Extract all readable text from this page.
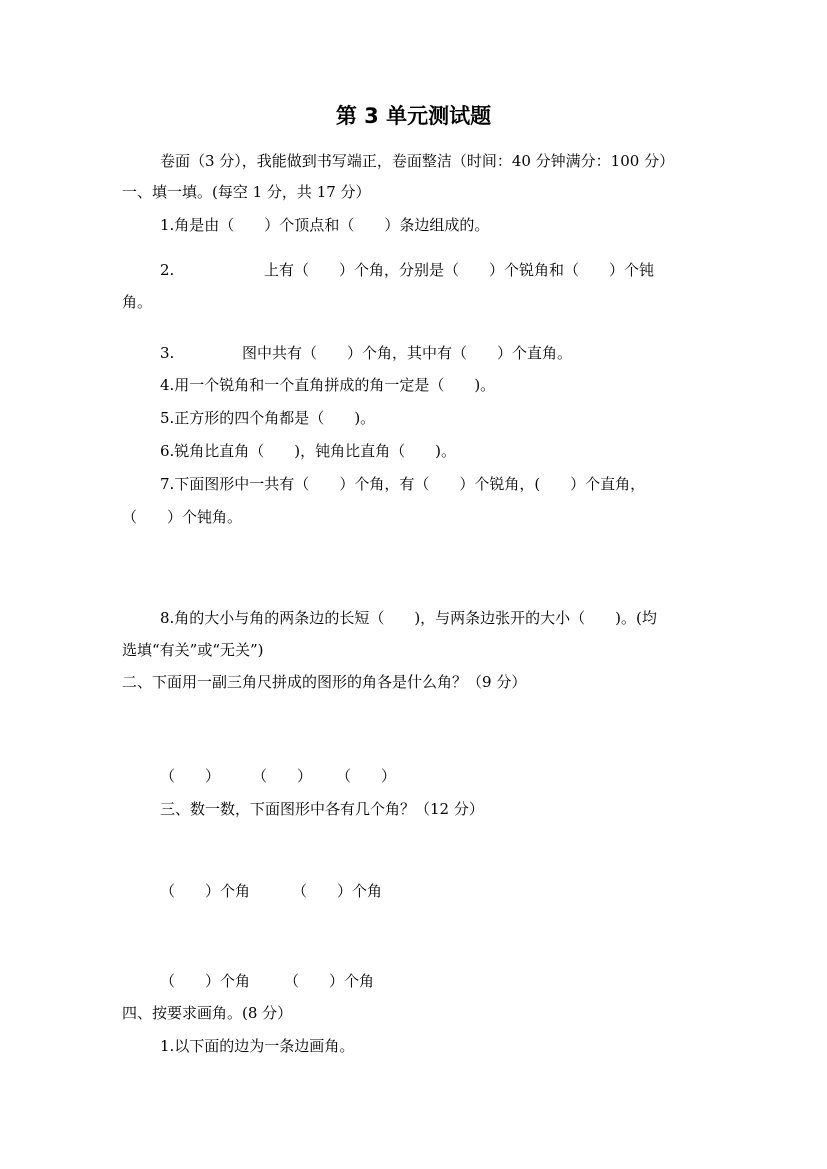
第 3 单元测试题
卷面（3 分），我能做到书写端正，卷面整洁（时间：40 分钟满分：100 分）
一、填一填。(每空 1 分，共 17 分）
1.角是由（　　）个顶点和（　　）条边组成的。
2.	上有（　　）个角，分别是（　　）个锐角和（　　）个钝
角。
3.	图中共有（　　）个角，其中有（　　）个直角。
4.用一个锐角和一个直角拼成的角一定是（　　)。
5.正方形的四个角都是（　　)。
6.锐角比直角（　　)，钝角比直角（　　)。
7.下面图形中一共有（　　）个角，有（　　）个锐角，(　　）个直角，
（　　）个钝角。
8.角的大小与角的两条边的长短（　　)，与两条边张开的大小（　　)。(均
选填“有关”或“无关”)
二、下面用一副三角尺拼成的图形的角各是什么角？（9 分）
（　　） （　　） （　　）
三、数一数，下面图形中各有几个角？（12 分）
（　　）个角	（　　）个角
（　　）个角 （　　）个角
四、按要求画角。(8 分）
1.以下面的边为一条边画角。
